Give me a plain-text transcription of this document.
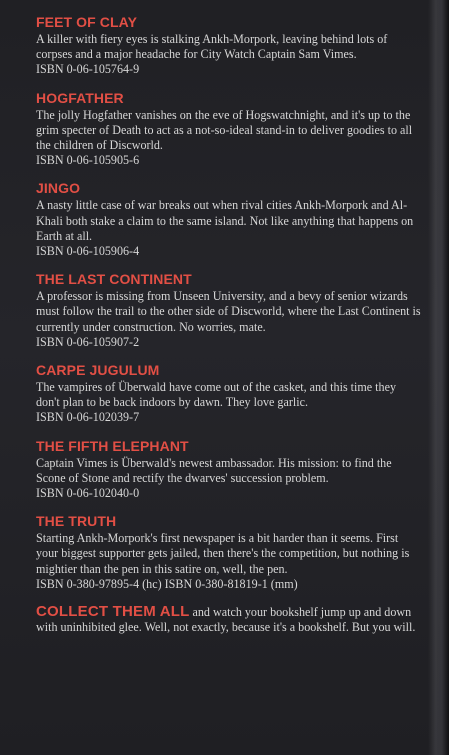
FEET OF CLAY
A killer with fiery eyes is stalking Ankh-Morpork, leaving behind lots of corpses and a major headache for City Watch Captain Sam Vimes.
ISBN 0-06-105764-9
HOGFATHER
The jolly Hogfather vanishes on the eve of Hogswatchnight, and it's up to the grim specter of Death to act as a not-so-ideal stand-in to deliver goodies to all the children of Discworld.
ISBN 0-06-105905-6
JINGO
A nasty little case of war breaks out when rival cities Ankh-Morpork and Al-Khali both stake a claim to the same island. Not like anything that happens on Earth at all.
ISBN 0-06-105906-4
THE LAST CONTINENT
A professor is missing from Unseen University, and a bevy of senior wizards must follow the trail to the other side of Discworld, where the Last Continent is currently under construction. No worries, mate.
ISBN 0-06-105907-2
CARPE JUGULUM
The vampires of Überwald have come out of the casket, and this time they don't plan to be back indoors by dawn. They love garlic.
ISBN 0-06-102039-7
THE FIFTH ELEPHANT
Captain Vimes is Überwald's newest ambassador. His mission: to find the Scone of Stone and rectify the dwarves' succession problem.
ISBN 0-06-102040-0
THE TRUTH
Starting Ankh-Morpork's first newspaper is a bit harder than it seems. First your biggest supporter gets jailed, then there's the competition, but nothing is mightier than the pen in this satire on, well, the pen.
ISBN 0-380-97895-4 (hc) ISBN 0-380-81819-1 (mm)
COLLECT THEM ALL and watch your bookshelf jump up and down with uninhibited glee. Well, not exactly, because it's a bookshelf. But you will.
